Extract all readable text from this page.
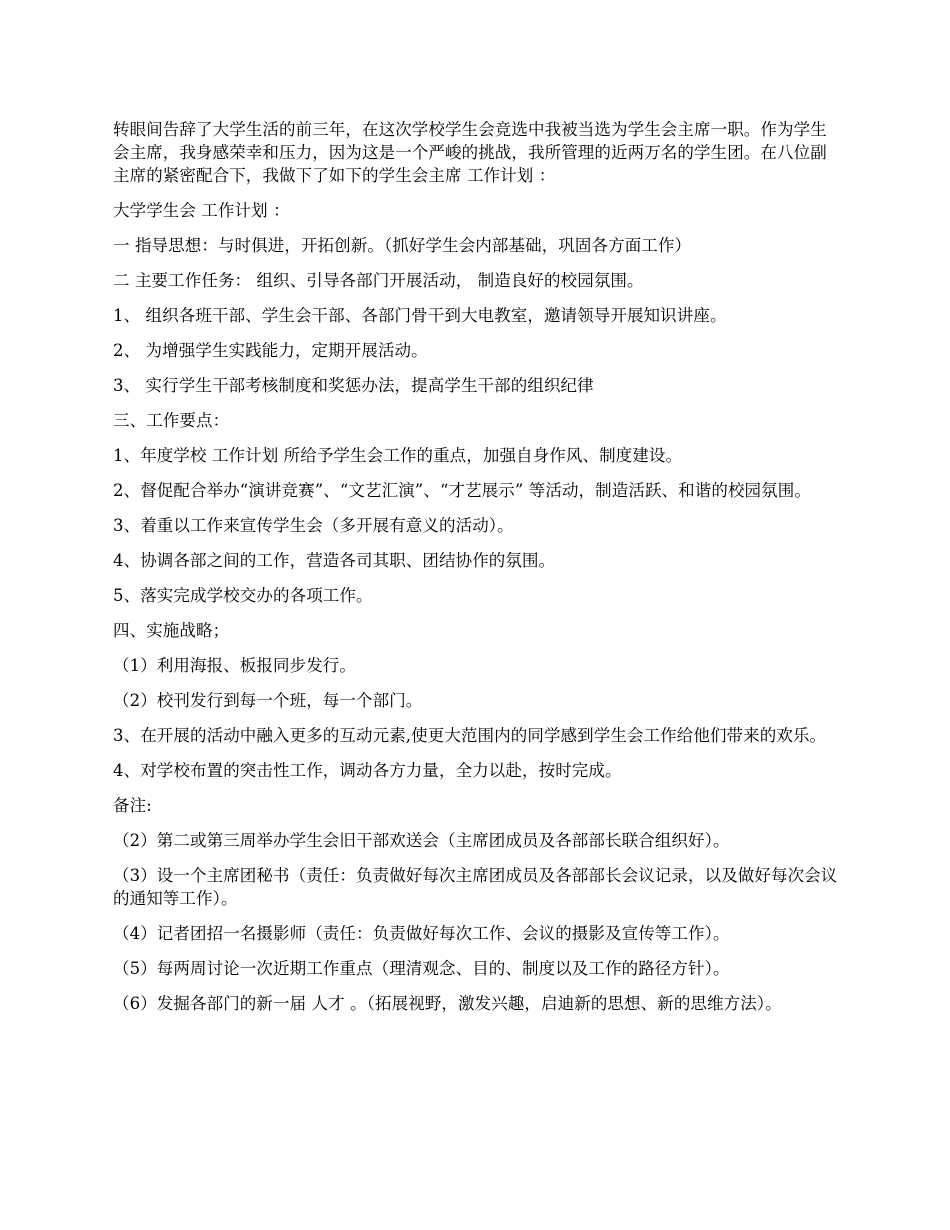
转眼间告辞了大学生活的前三年，在这次学校学生会竞选中我被当选为学生会主席一职。作为学生会主席，我身感荣幸和压力，因为这是一个严峻的挑战，我所管理的近两万名的学生团。在八位副主席的紧密配合下，我做下了如下的学生会主席 工作计划 ：

大学学生会 工作计划 ：

一 指导思想：与时俱进，开拓创新。（抓好学生会内部基础，巩固各方面工作）

二 主要工作任务： 组织、引导各部门开展活动， 制造良好的校园氛围。

1、 组织各班干部、学生会干部、各部门骨干到大电教室，邀请领导开展知识讲座。

2、 为增强学生实践能力，定期开展活动。

3、 实行学生干部考核制度和奖惩办法，提高学生干部的组织纪律

三、工作要点：

1、年度学校 工作计划 所给予学生会工作的重点，加强自身作风、制度建设。

2、督促配合举办“演讲竞赛”、“文艺汇演”、“才艺展示” 等活动，制造活跃、和谐的校园氛围。

3、着重以工作来宣传学生会（多开展有意义的活动）。

4、协调各部之间的工作，营造各司其职、团结协作的氛围。

5、落实完成学校交办的各项工作。

四、实施战略；

（1）利用海报、板报同步发行。

（2）校刊发行到每一个班，每一个部门。

3、在开展的活动中融入更多的互动元素,使更大范围内的同学感到学生会工作给他们带来的欢乐。

4、对学校布置的突击性工作，调动各方力量，全力以赴，按时完成。

备注:

（2）第二或第三周举办学生会旧干部欢送会（主席团成员及各部部长联合组织好）。

（3）设一个主席团秘书（责任：负责做好每次主席团成员及各部部长会议记录，以及做好每次会议的通知等工作）。

（4）记者团招一名摄影师（责任：负责做好每次工作、会议的摄影及宣传等工作）。

（5）每两周讨论一次近期工作重点（理清观念、目的、制度以及工作的路径方针）。

（6）发掘各部门的新一届 人才 。（拓展视野，激发兴趣，启迪新的思想、新的思维方法）。
